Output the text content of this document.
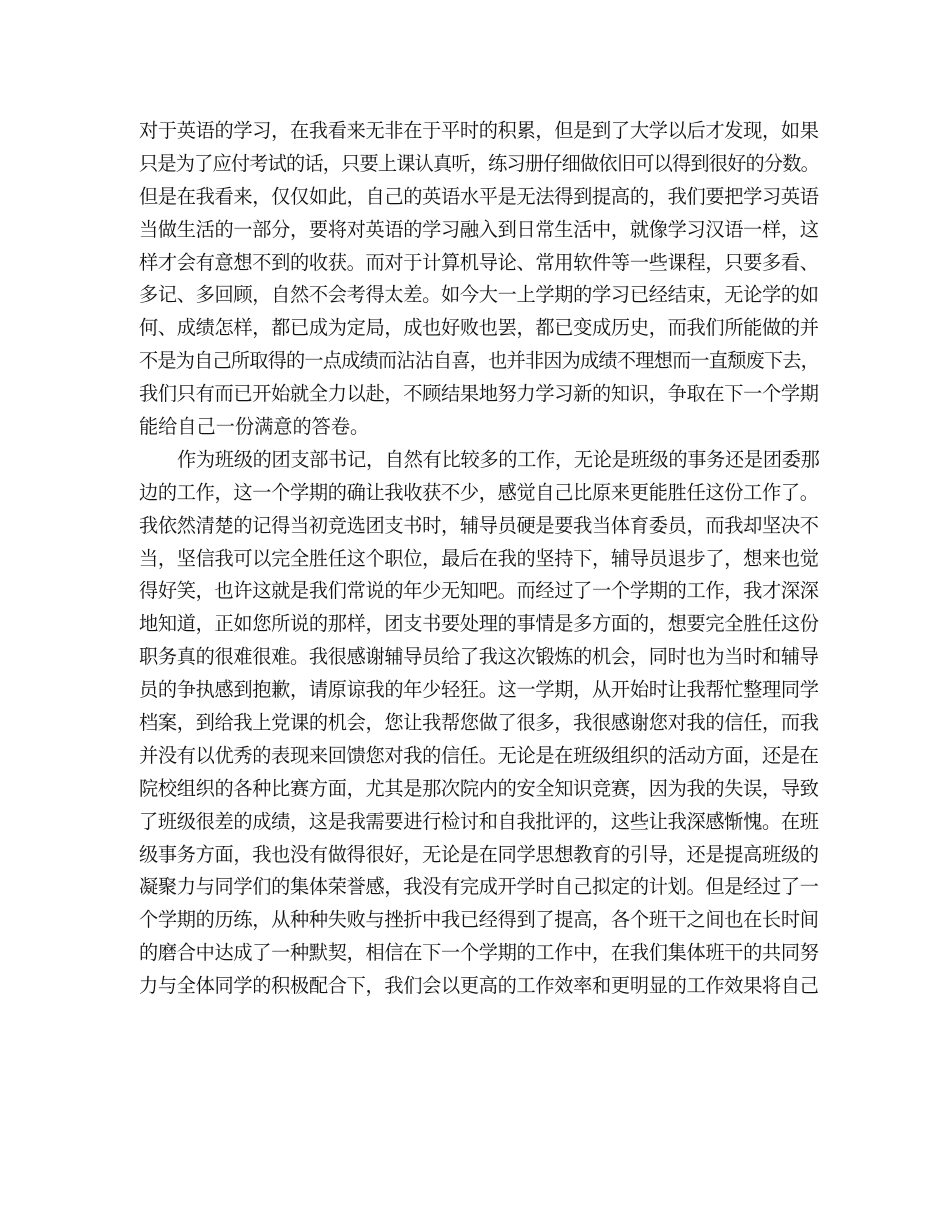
对于英语的学习，在我看来无非在于平时的积累，但是到了大学以后才发现，如果
只是为了应付考试的话，只要上课认真听，练习册仔细做依旧可以得到很好的分数。
但是在我看来，仅仅如此，自己的英语水平是无法得到提高的，我们要把学习英语
当做生活的一部分，要将对英语的学习融入到日常生活中，就像学习汉语一样，这
样才会有意想不到的收获。而对于计算机导论、常用软件等一些课程，只要多看、
多记、多回顾，自然不会考得太差。如今大一上学期的学习已经结束，无论学的如
何、成绩怎样，都已成为定局，成也好败也罢，都已变成历史，而我们所能做的并
不是为自己所取得的一点成绩而沾沾自喜，也并非因为成绩不理想而一直颓废下去，
我们只有而已开始就全力以赴，不顾结果地努力学习新的知识，争取在下一个学期
能给自己一份满意的答卷。
作为班级的团支部书记，自然有比较多的工作，无论是班级的事务还是团委那
边的工作，这一个学期的确让我收获不少，感觉自己比原来更能胜任这份工作了。
我依然清楚的记得当初竞选团支书时，辅导员硬是要我当体育委员，而我却坚决不
当，坚信我可以完全胜任这个职位，最后在我的坚持下，辅导员退步了，想来也觉
得好笑，也许这就是我们常说的年少无知吧。而经过了一个学期的工作，我才深深
地知道，正如您所说的那样，团支书要处理的事情是多方面的，想要完全胜任这份
职务真的很难很难。我很感谢辅导员给了我这次锻炼的机会，同时也为当时和辅导
员的争执感到抱歉，请原谅我的年少轻狂。这一学期，从开始时让我帮忙整理同学
档案，到给我上党课的机会，您让我帮您做了很多，我很感谢您对我的信任，而我
并没有以优秀的表现来回馈您对我的信任。无论是在班级组织的活动方面，还是在
院校组织的各种比赛方面，尤其是那次院内的安全知识竞赛，因为我的失误，导致
了班级很差的成绩，这是我需要进行检讨和自我批评的，这些让我深感惭愧。在班
级事务方面，我也没有做得很好，无论是在同学思想教育的引导，还是提高班级的
凝聚力与同学们的集体荣誉感，我没有完成开学时自己拟定的计划。但是经过了一
个学期的历练，从种种失败与挫折中我已经得到了提高，各个班干之间也在长时间
的磨合中达成了一种默契，相信在下一个学期的工作中，在我们集体班干的共同努
力与全体同学的积极配合下，我们会以更高的工作效率和更明显的工作效果将自己
